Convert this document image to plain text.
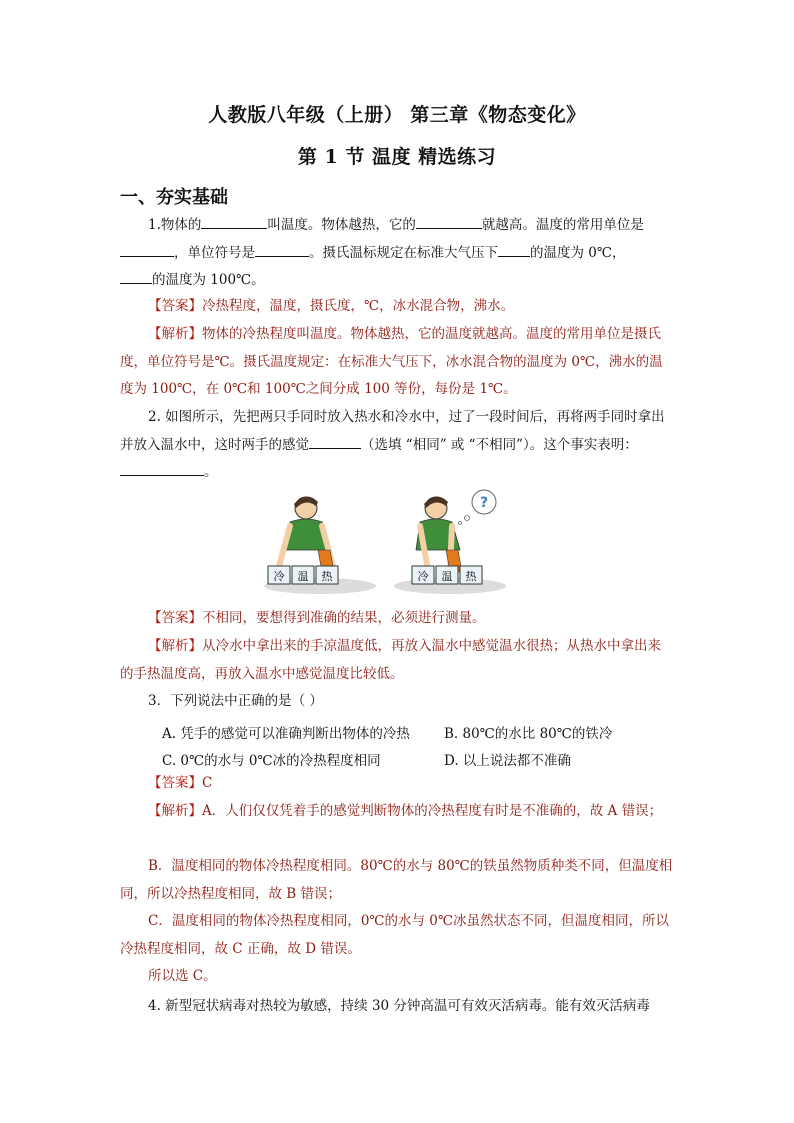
人教版八年级（上册） 第三章《物态变化》
第 1 节 温度 精选练习
一、夯实基础
1.物体的	叫温度。物体越热，它的	就越高。温度的常用单位是，单位符号是	。摄氏温标规定在标准大气压下 的温度为 0℃，
的温度为 100℃。
【答案】冷热程度，温度，摄氏度，℃，冰水混合物，沸水。
【解析】物体的冷热程度叫温度。物体越热，它的温度就越高。温度的常用单位是摄氏度，单位符号是℃。摄氏温度规定：在标准大气压下，冰水混合物的温度为 0℃，沸水的温度为 100℃，在 0℃和 100℃之间分成 100 等份，每份是 1℃。
2. 如图所示，先把两只手同时放入热水和冷水中，过了一段时间后，再将两手同时拿出并放入温水中，这时两手的感觉	（选填 “相同” 或 “不相同”）。这个事实表明：
。
冷 温 热	冷 温 热
?
【答案】不相同，要想得到准确的结果，必须进行测量。
【解析】从冷水中拿出来的手凉温度低，再放入温水中感觉温水很热；从热水中拿出来的手热温度高，再放入温水中感觉温度比较低。
3．下列说法中正确的是（ ）
A. 凭手的感觉可以准确判断出物体的冷热	B. 80℃的水比 80℃的铁冷
C. 0℃的水与 0℃冰的冷热程度相同	D. 以上说法都不准确
【答案】C
【解析】A．人们仅仅凭着手的感觉判断物体的冷热程度有时是不准确的，故 A 错误；
B．温度相同的物体冷热程度相同。80℃的水与 80℃的铁虽然物质种类不同，但温度相同，所以冷热程度相同，故 B 错误；
C．温度相同的物体冷热程度相同，0℃的水与 0℃冰虽然状态不同，但温度相同，所以冷热程度相同，故 C 正确，故 D 错误。
所以选 C。
4. 新型冠状病毒对热较为敏感，持续 30 分钟高温可有效灭活病毒。能有效灭活病毒
